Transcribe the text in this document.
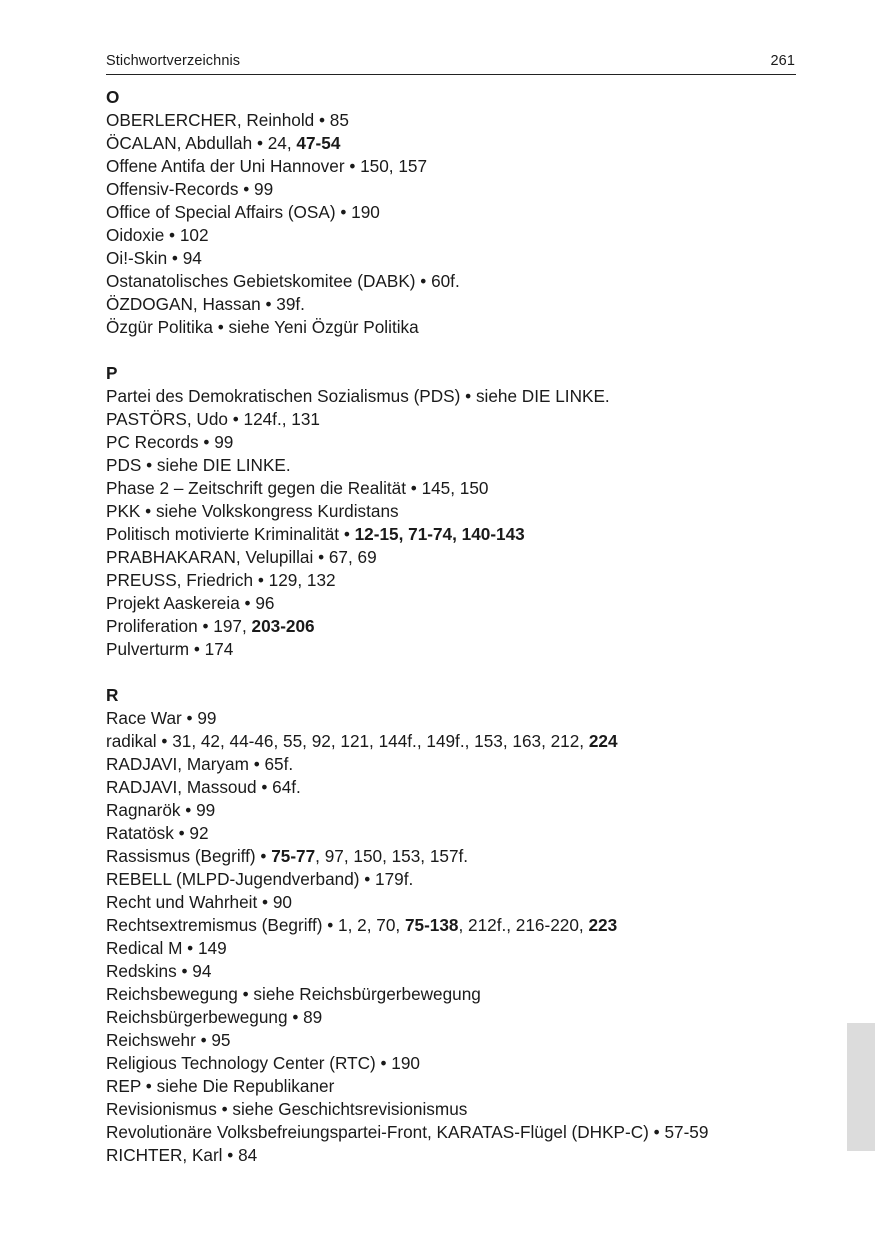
Stichwortverzeichnis	261
O
OBERLERCHER, Reinhold • 85
ÖCALAN, Abdullah • 24, 47-54
Offene Antifa der Uni Hannover • 150, 157
Offensiv-Records • 99
Office of Special Affairs (OSA) • 190
Oidoxie • 102
Oi!-Skin • 94
Ostanatolisches Gebietskomitee (DABK) • 60f.
ÖZDOGAN, Hassan • 39f.
Özgür Politika • siehe Yeni Özgür Politika
P
Partei des Demokratischen Sozialismus (PDS) • siehe DIE LINKE.
PASTÖRS, Udo • 124f., 131
PC Records • 99
PDS • siehe DIE LINKE.
Phase 2 – Zeitschrift gegen die Realität • 145, 150
PKK • siehe Volkskongress Kurdistans
Politisch motivierte Kriminalität • 12-15, 71-74, 140-143
PRABHAKARAN, Velupillai • 67, 69
PREUSS, Friedrich • 129, 132
Projekt Aaskereia • 96
Proliferation • 197, 203-206
Pulverturm • 174
R
Race War • 99
radikal • 31, 42, 44-46, 55, 92, 121, 144f., 149f., 153, 163, 212, 224
RADJAVI, Maryam • 65f.
RADJAVI, Massoud • 64f.
Ragnarök • 99
Ratatösk • 92
Rassismus (Begriff) • 75-77, 97, 150, 153, 157f.
REBELL (MLPD-Jugendverband) • 179f.
Recht und Wahrheit • 90
Rechtsextremismus (Begriff) • 1, 2, 70, 75-138, 212f., 216-220, 223
Redical M • 149
Redskins • 94
Reichsbewegung • siehe Reichsbürgerbewegung
Reichsbürgerbewegung • 89
Reichswehr • 95
Religious Technology Center (RTC) • 190
REP • siehe Die Republikaner
Revisionismus • siehe Geschichtsrevisionismus
Revolutionäre Volksbefreiungspartei-Front, KARATAS-Flügel (DHKP-C) • 57-59
RICHTER, Karl • 84
